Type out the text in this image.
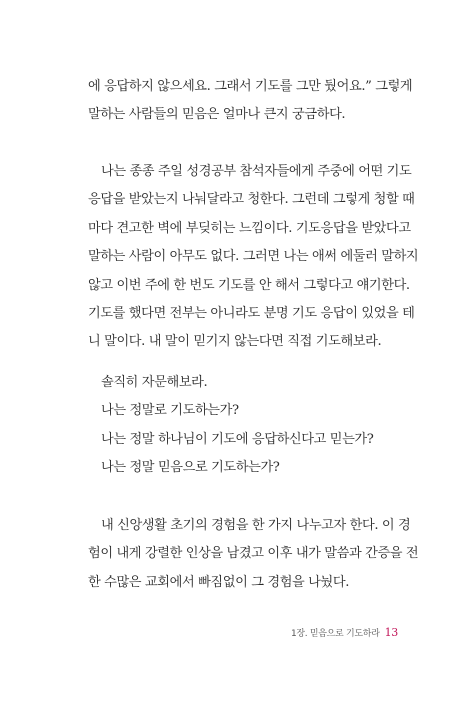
에 응답하지 않으세요. 그래서 기도를 그만 뒀어요.” 그렇게
말하는 사람들의 믿음은 얼마나 큰지 궁금하다.
나는 종종 주일 성경공부 참석자들에게 주중에 어떤 기도
응답을 받았는지 나눠달라고 청한다. 그런데 그렇게 청할 때
마다 견고한 벽에 부딪히는 느낌이다. 기도응답을 받았다고
말하는 사람이 아무도 없다. 그러면 나는 애써 에둘러 말하지
않고 이번 주에 한 번도 기도를 안 해서 그렇다고 얘기한다.
기도를 했다면 전부는 아니라도 분명 기도 응답이 있었을 테
니 말이다. 내 말이 믿기지 않는다면 직접 기도해보라.
솔직히 자문해보라.
나는 정말로 기도하는가?
나는 정말 하나님이 기도에 응답하신다고 믿는가?
나는 정말 믿음으로 기도하는가?
내 신앙생활 초기의 경험을 한 가지 나누고자 한다. 이 경
험이 내게 강렬한 인상을 남겼고 이후 내가 말씀과 간증을 전
한 수많은 교회에서 빠짐없이 그 경험을 나눴다.
1장. 믿음으로 기도하라 13
